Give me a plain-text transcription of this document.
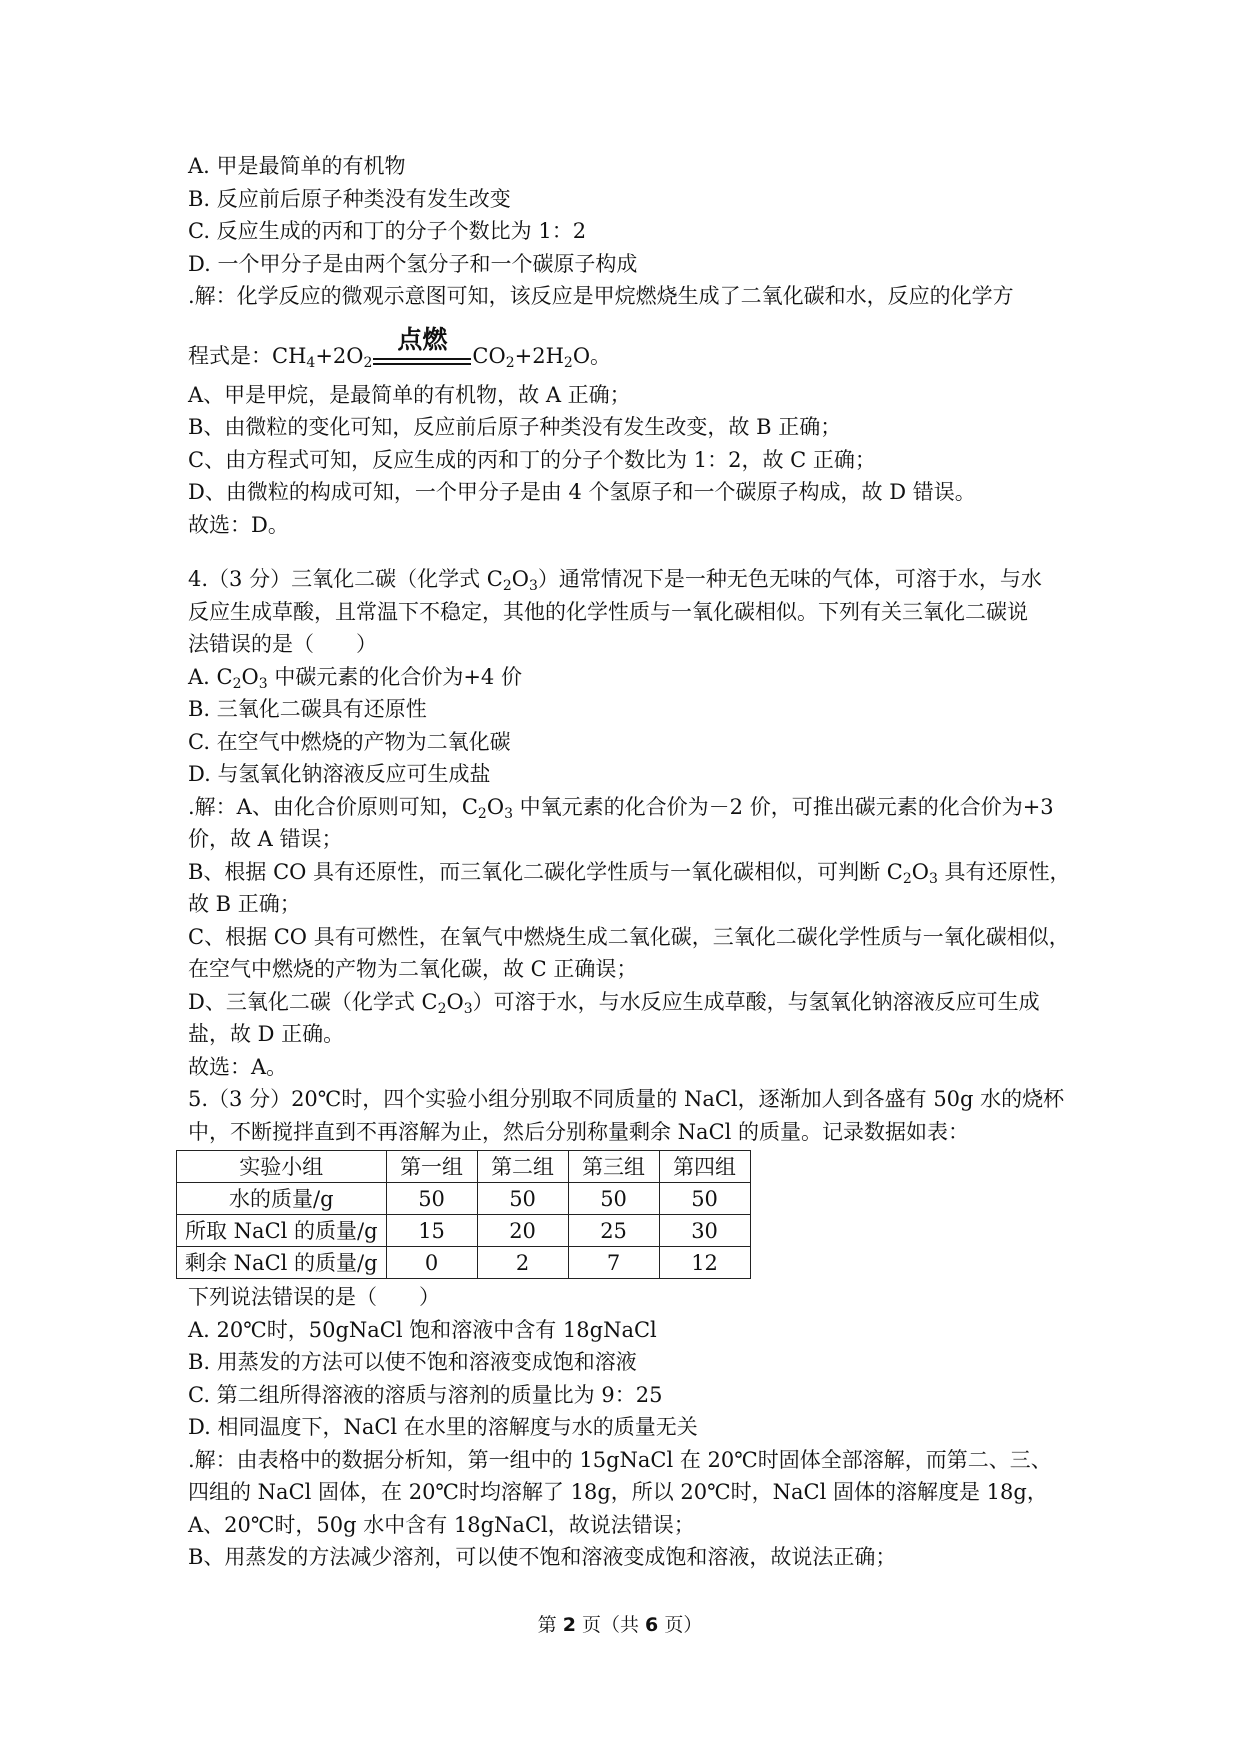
A. 甲是最简单的有机物

B. 反应前后原子种类没有发生改变

C. 反应生成的丙和丁的分子个数比为 1：2

D. 一个甲分子是由两个氢分子和一个碳原子构成

.解：化学反应的微观示意图可知，该反应是甲烷燃烧生成了二氧化碳和水，反应的化学方

程式是： $CH_4+2O_2$
点燃
$CO_2+2H_2O$。

A、甲是甲烷，是最简单的有机物，故 A 正确；

B、由微粒的变化可知，反应前后原子种类没有发生改变，故 B 正确；

C、由方程式可知，反应生成的丙和丁的分子个数比为 1：2，故 C 正确；

D、由微粒的构成可知，一个甲分子是由 4 个氢原子和一个碳原子构成，故 D 错误。

故选：D。

4.（3 分）三氧化二碳（化学式 $C_2O_3$）通常情况下是一种无色无味的气体，可溶于水，与水

反应生成草酸，且常温下不稳定，其他的化学性质与一氧化碳相似。下列有关三氧化二碳说

法错误的是（　　）

A. $C_2O_3$ 中碳元素的化合价为+4 价

B. 三氧化二碳具有还原性

C. 在空气中燃烧的产物为二氧化碳

D. 与氢氧化钠溶液反应可生成盐

.解：A、由化合价原则可知，$C_2O_3$ 中氧元素的化合价为－2 价，可推出碳元素的化合价为+3

价，故 A 错误；

B、根据 CO 具有还原性，而三氧化二碳化学性质与一氧化碳相似，可判断 $C_2O_3$ 具有还原性，

故 B 正确；

C、根据 CO 具有可燃性，在氧气中燃烧生成二氧化碳，三氧化二碳化学性质与一氧化碳相似，

在空气中燃烧的产物为二氧化碳，故 C 正确误；

D、三氧化二碳（化学式 $C_2O_3$）可溶于水，与水反应生成草酸，与氢氧化钠溶液反应可生成

盐，故 D 正确。

故选：A。

5.（3 分）20℃时，四个实验小组分别取不同质量的 NaCl，逐渐加人到各盛有 50g 水的烧杯

中，不断搅拌直到不再溶解为止，然后分别称量剩余 NaCl 的质量。记录数据如表：

实验小组	第一组	第二组	第三组	第四组
水的质量/g	50	50	50	50
所取 NaCl 的质量/g	15	20	25	30
剩余 NaCl 的质量/g	0	2	7	12

下列说法错误的是（　　）

A. 20℃时，50gNaCl 饱和溶液中含有 18gNaCl

B. 用蒸发的方法可以使不饱和溶液变成饱和溶液

C. 第二组所得溶液的溶质与溶剂的质量比为 9：25

D. 相同温度下，NaCl 在水里的溶解度与水的质量无关

.解：由表格中的数据分析知，第一组中的 15gNaCl 在 20℃时固体全部溶解，而第二、三、

四组的 NaCl 固体，在 20℃时均溶解了 18g，所以 20℃时，NaCl 固体的溶解度是 18g，

A、20℃时，50g 水中含有 18gNaCl，故说法错误；

B、用蒸发的方法减少溶剂，可以使不饱和溶液变成饱和溶液，故说法正确；

第 2 页（共 6 页）
